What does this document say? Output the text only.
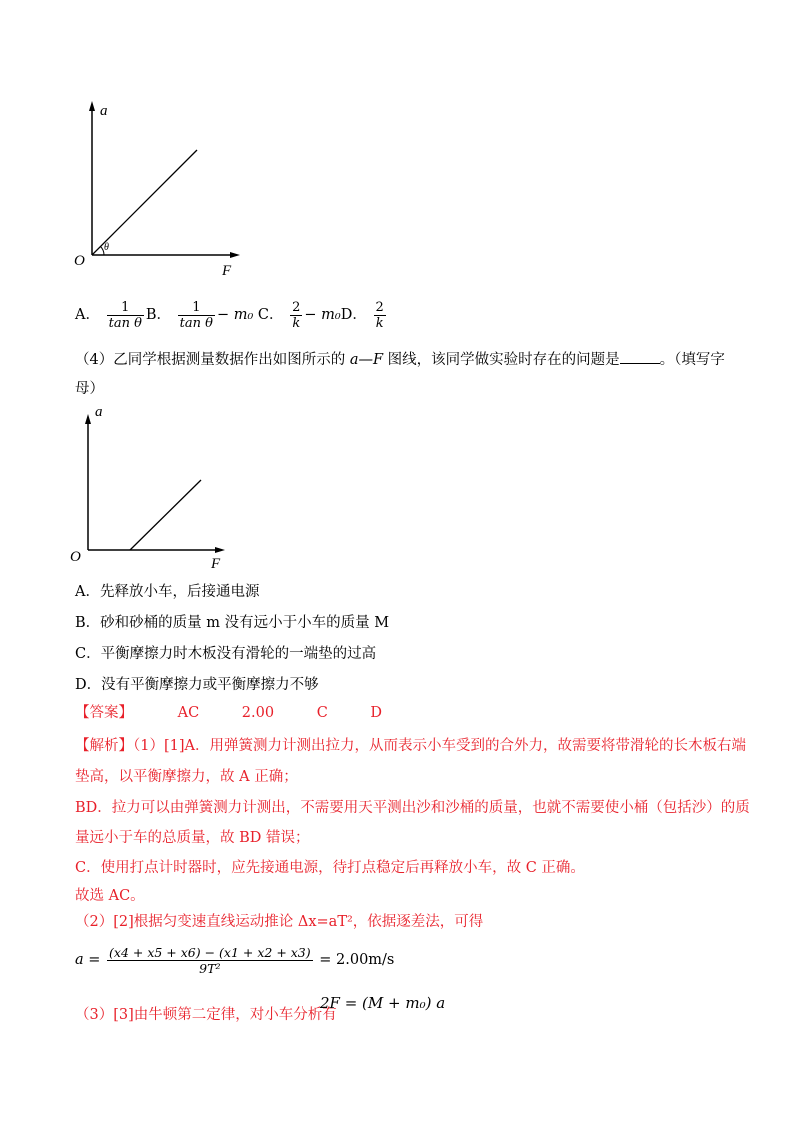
a
F
O
θ
A． $\frac{1}{\text{tan θ}}$ B． $\frac{1}{\text{tan θ}} - m_0$ C． $\frac{2}{k} - m_0D$． $\frac{2}{k}$
（4）乙同学根据测量数据作出如图所示的 a—F 图线，该同学做实验时存在的问题是	。（填写字
母）
a
F
O
A．先释放小车，后接通电源
B．砂和砂桶的质量 m 没有远小于小车的质量 M
C．平衡摩擦力时木板没有滑轮的一端垫的过高
D．没有平衡摩擦力或平衡摩擦力不够
【答案】	AC	2.00	C	D
【解析】（1）[1]A．用弹簧测力计测出拉力，从而表示小车受到的合外力，故需要将带滑轮的长木板右端
垫高，以平衡摩擦力，故 A 正确；
BD．拉力可以由弹簧测力计测出，不需要用天平测出沙和沙桶的质量，也就不需要使小桶（包括沙）的质
量远小于车的总质量，故 BD 错误；
C．使用打点计时器时，应先接通电源，待打点稳定后再释放小车，故 C 正确。
故选 AC。
（2）[2]根据匀变速直线运动推论 Δx=aT²，依据逐差法，可得
$a = \frac{(x4 + x5 + x6) - (x1 + x2 + x3)}{\text{9T²}} = 2.00m/s$
（3）[3]由牛顿第二定律，对小车分析有
2F = (M + m₀) a
